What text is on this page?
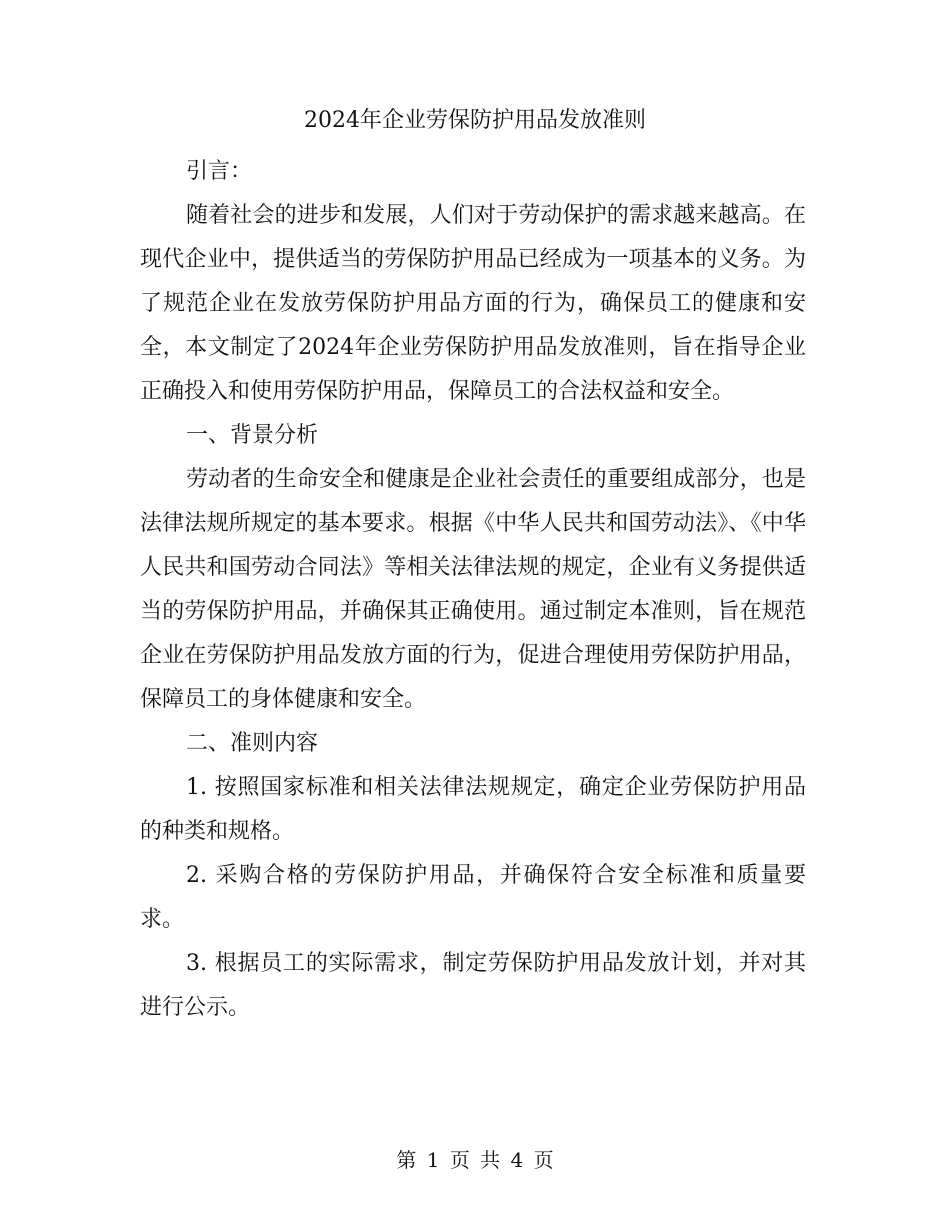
2024年企业劳保防护用品发放准则

引言：

随着社会的进步和发展，人们对于劳动保护的需求越来越高。在现代企业中，提供适当的劳保防护用品已经成为一项基本的义务。为了规范企业在发放劳保防护用品方面的行为，确保员工的健康和安全，本文制定了2024年企业劳保防护用品发放准则，旨在指导企业正确投入和使用劳保防护用品，保障员工的合法权益和安全。

一、背景分析

劳动者的生命安全和健康是企业社会责任的重要组成部分，也是法律法规所规定的基本要求。根据《中华人民共和国劳动法》、《中华人民共和国劳动合同法》等相关法律法规的规定，企业有义务提供适当的劳保防护用品，并确保其正确使用。通过制定本准则，旨在规范企业在劳保防护用品发放方面的行为，促进合理使用劳保防护用品，保障员工的身体健康和安全。

二、准则内容

1. 按照国家标准和相关法律法规规定，确定企业劳保防护用品的种类和规格。

2. 采购合格的劳保防护用品，并确保符合安全标准和质量要求。

3. 根据员工的实际需求，制定劳保防护用品发放计划，并对其进行公示。

第 1 页 共 4 页
